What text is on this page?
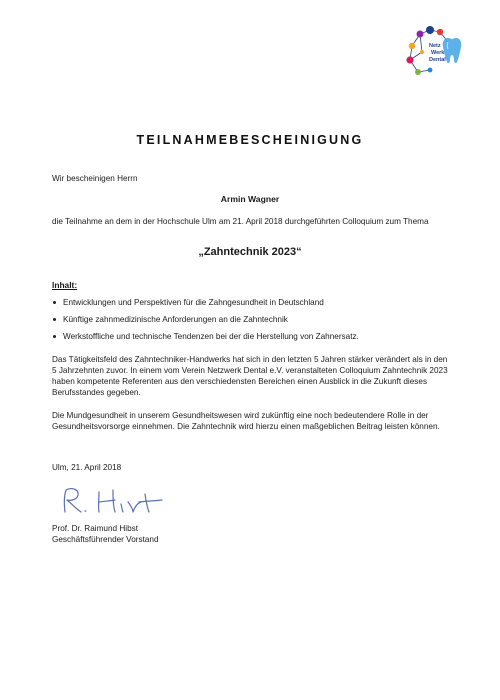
Netz
Werk
Dental
TEILNAHMEBESCHEINIGUNG
Wir bescheinigen Herrn
Armin Wagner
die Teilnahme an dem in der Hochschule Ulm am 21. April 2018 durchgeführten Colloquium zum Thema
„Zahntechnik 2023“
Inhalt:
Entwicklungen und Perspektiven für die Zahngesundheit in Deutschland
Künftige zahnmedizinische Anforderungen an die Zahntechnik
Werkstoffliche und technische Tendenzen bei der die Herstellung von Zahnersatz.
Das Tätigkeitsfeld des Zahntechniker-Handwerks hat sich in den letzten 5 Jahren stärker verändert als in den 5 Jahrzehnten zuvor. In einem vom Verein Netzwerk Dental e.V. veranstalteten Colloquium Zahntechnik 2023 haben kompetente Referenten aus den verschiedensten Bereichen einen Ausblick in die Zukunft dieses Berufsstandes gegeben.
Die Mundgesundheit in unserem Gesundheitswesen wird zukünftig eine noch bedeutendere Rolle in der Gesundheitsvorsorge einnehmen. Die Zahntechnik wird hierzu einen maßgeblichen Beitrag leisten können.
Ulm, 21. April 2018
Prof. Dr. Raimund Hibst
Geschäftsführender Vorstand
